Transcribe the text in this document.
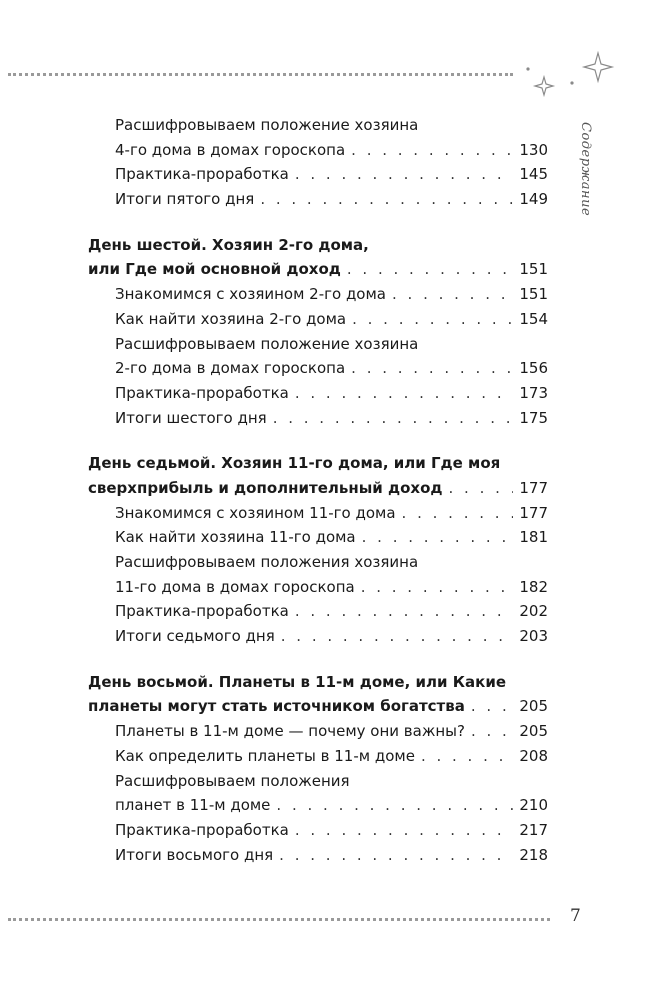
Содержание
Расшифровываем положение хозяина
4-го дома в домах гороскопа . . .	130
Практика-проработка . . .	145
Итоги пятого дня . . .	149
День шестой. Хозяин 2-го дома,
или Где мой основной доход . . .	151
Знакомимся с хозяином 2-го дома . . .	151
Как найти хозяина 2-го дома . . .	154
Расшифровываем положение хозяина
2-го дома в домах гороскопа . . .	156
Практика-проработка . . .	173
Итоги шестого дня . . .	175
День седьмой. Хозяин 11-го дома, или Где моя
сверхприбыль и дополнительный доход . . .	177
Знакомимся с хозяином 11-го дома . . .	177
Как найти хозяина 11-го дома . . .	181
Расшифровываем положения хозяина
11-го дома в домах гороскопа . . .	182
Практика-проработка . . .	202
Итоги седьмого дня . . .	203
День восьмой. Планеты в 11-м доме, или Какие
планеты могут стать источником богатства . . .	205
Планеты в 11-м доме — почему они важны? . . .	205
Как определить планеты в 11-м доме . . .	208
Расшифровываем положения
планет в 11-м доме . . .	210
Практика-проработка . . .	217
Итоги восьмого дня . . .	218
7
